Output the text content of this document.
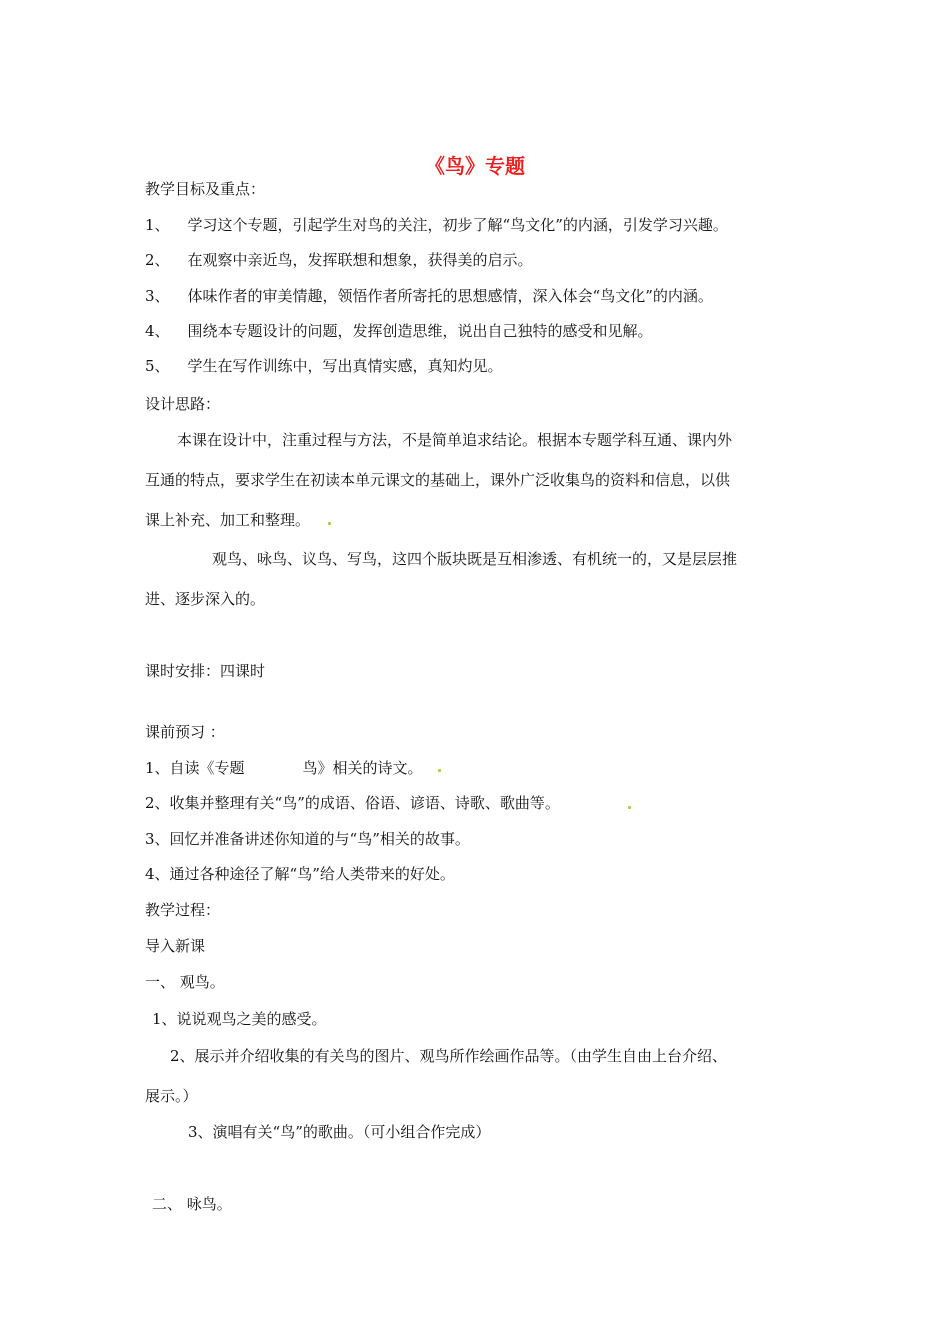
《鸟》专题
教学目标及重点：
1、 学习这个专题，引起学生对鸟的关注，初步了解“鸟文化”的内涵，引发学习兴趣。
2、 在观察中亲近鸟，发挥联想和想象，获得美的启示。
3、 体味作者的审美情趣，领悟作者所寄托的思想感情，深入体会“鸟文化”的内涵。
4、 围绕本专题设计的问题，发挥创造思维，说出自己独特的感受和见解。
5、 学生在写作训练中，写出真情实感，真知灼见。
设计思路：
本课在设计中，注重过程与方法，不是简单追求结论。根据本专题学科互通、课内外
互通的特点，要求学生在初读本单元课文的基础上，课外广泛收集鸟的资料和信息，以供
课上补充、加工和整理。
观鸟、咏鸟、议鸟、写鸟，这四个版块既是互相渗透、有机统一的，又是层层推
进、逐步深入的。
课时安排：四课时
课前预习 ：
1、自读《专题	鸟》相关的诗文。
2、收集并整理有关“鸟”的成语、俗语、谚语、诗歌、歌曲等。
3、回忆并准备讲述你知道的与“鸟”相关的故事。
4、通过各种途径了解“鸟”给人类带来的好处。
教学过程：
导入新课
一、 观鸟。
1、说说观鸟之美的感受。
2、展示并介绍收集的有关鸟的图片、观鸟所作绘画作品等。（由学生自由上台介绍、
展示。）
3、演唱有关“鸟”的歌曲。（可小组合作完成）
二、 咏鸟。
